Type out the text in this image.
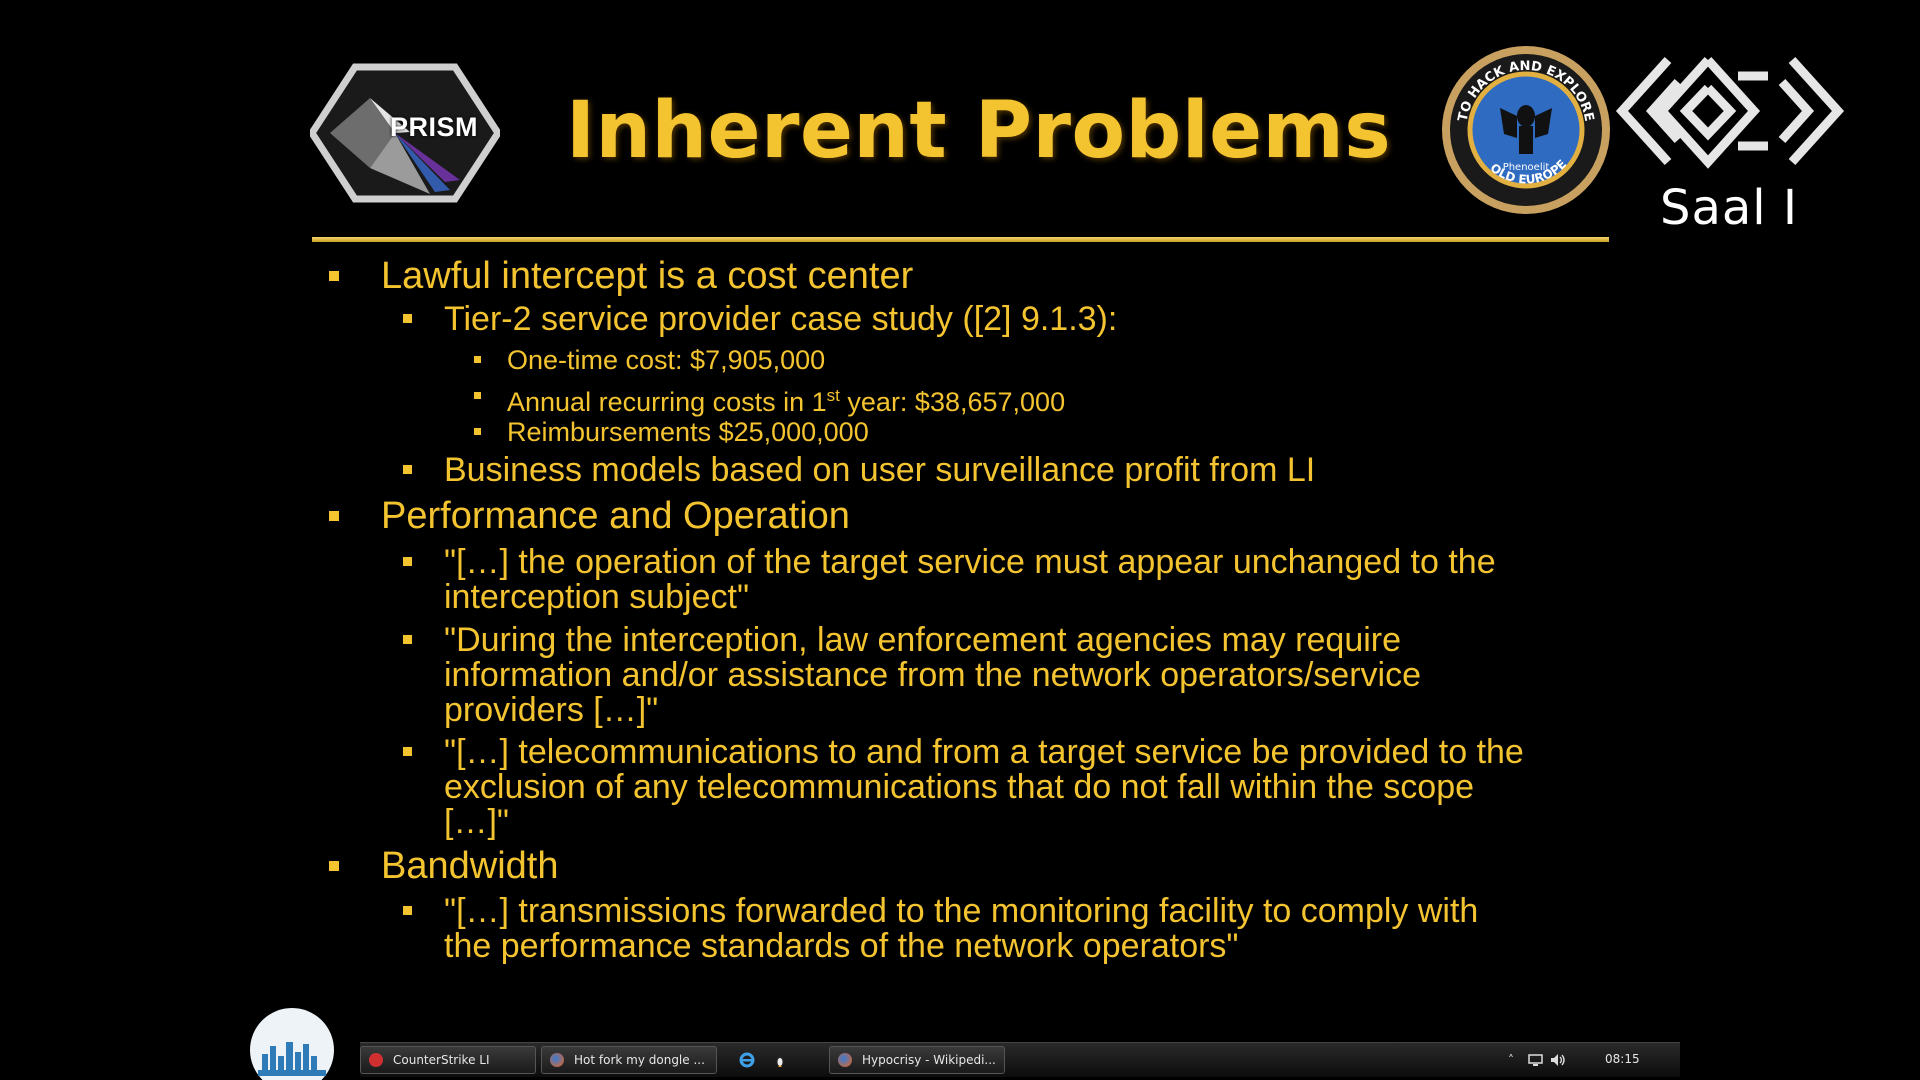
PRISM Inherent Problems	TO HACK AND EXPLORE
OLD EUROPE
Phenoelit
Saal I
Lawful intercept is a cost center
Tier-2 service provider case study ([2] 9.1.3):
One-time cost: $7,905,000
Annual recurring costs in 1st year: $38,657,000
Reimbursements $25,000,000
Business models based on user surveillance profit from LI
Performance and Operation
"[…] the operation of the target service must appear unchanged to the
interception subject"
"During the interception, law enforcement agencies may require
information and/or assistance from the network operators/service
providers […]"
"[…] telecommunications to and from a target service be provided to the
exclusion of any telecommunications that do not fall within the scope
[…]"
Bandwidth
"[…] transmissions forwarded to the monitoring facility to comply with
the performance standards of the network operators"
CounterStrike LI	Hot fork my dongle ...	Hypocrisy - Wikipedi...	˄	08:15
